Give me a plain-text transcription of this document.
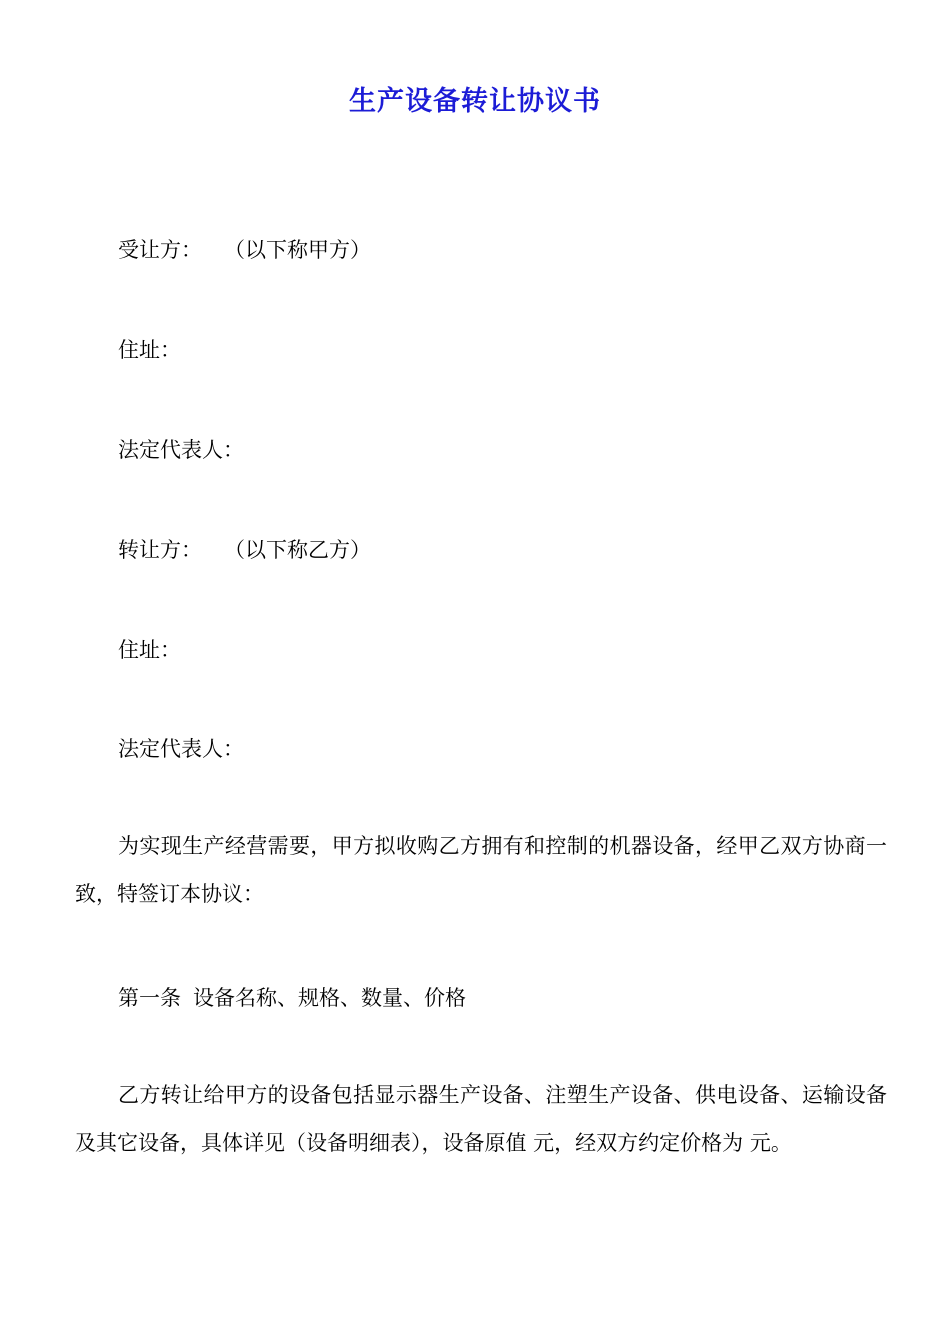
生产设备转让协议书

受让方： （以下称甲方）

住址：

法定代表人：

转让方： （以下称乙方）

住址：

法定代表人：

为实现生产经营需要，甲方拟收购乙方拥有和控制的机器设备，经甲乙双方协商一致，特签订本协议：

第一条 设备名称、规格、数量、价格

乙方转让给甲方的设备包括显示器生产设备、注塑生产设备、供电设备、运输设备及其它设备，具体详见（设备明细表），设备原值 元，经双方约定价格为 元。
